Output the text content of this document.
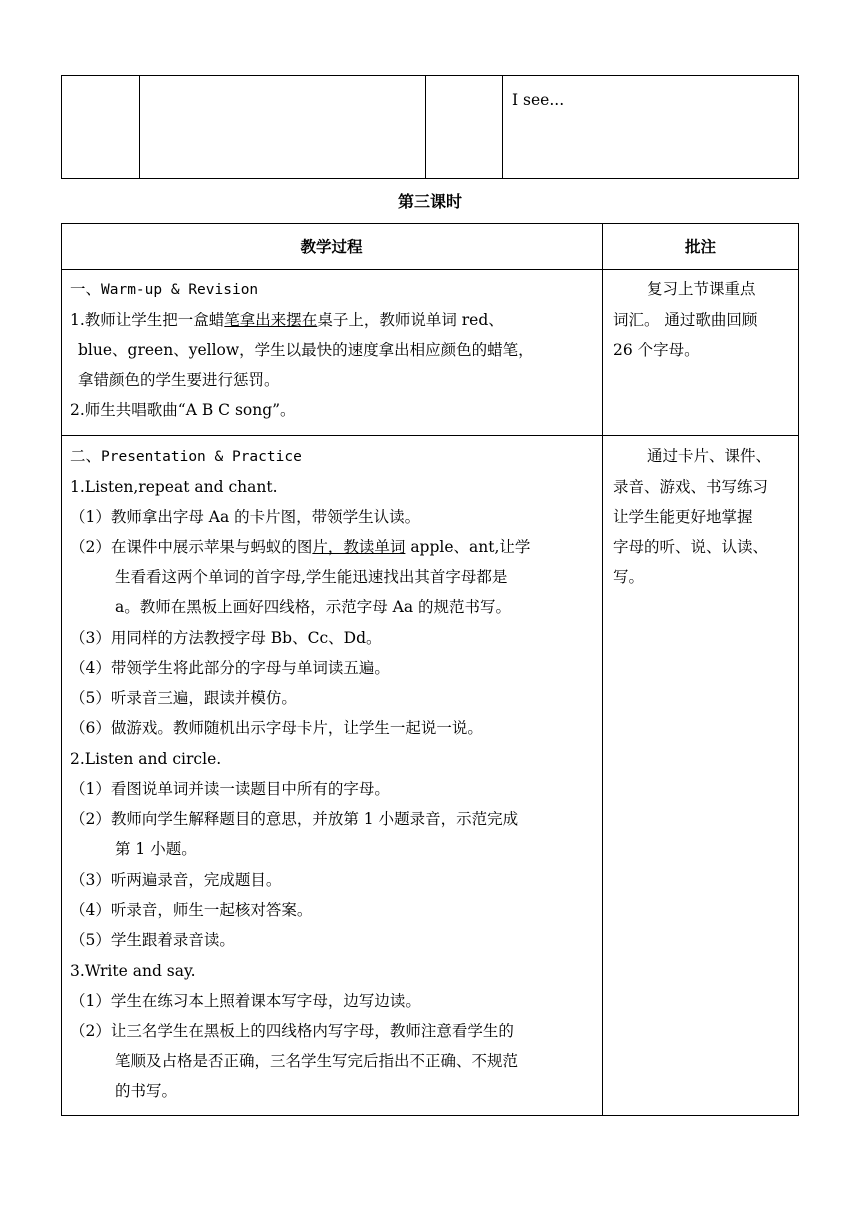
I see...
第三课时
教学过程	批注
一、Warm-up & Revision
1.教师让学生把一盒蜡笔拿出来摆在桌子上，教师说单词 red、
blue、green、yellow，学生以最快的速度拿出相应颜色的蜡笔，
拿错颜色的学生要进行惩罚。
2.师生共唱歌曲“A B C song”。
复习上节课重点
词汇。 通过歌曲回顾
26 个字母。
二、Presentation & Practice
1.Listen,repeat and chant.
（1）教师拿出字母 Aa 的卡片图，带领学生认读。
（2）在课件中展示苹果与蚂蚁的图片，教读单词 apple、ant,让学
生看看这两个单词的首字母,学生能迅速找出其首字母都是
a。教师在黑板上画好四线格，示范字母 Aa 的规范书写。
（3）用同样的方法教授字母 Bb、Cc、Dd。
（4）带领学生将此部分的字母与单词读五遍。
（5）听录音三遍，跟读并模仿。
（6）做游戏。教师随机出示字母卡片，让学生一起说一说。
2.Listen and circle.
（1）看图说单词并读一读题目中所有的字母。
（2）教师向学生解释题目的意思，并放第 1 小题录音，示范完成
第 1 小题。
（3）听两遍录音，完成题目。
（4）听录音，师生一起核对答案。
（5）学生跟着录音读。
3.Write and say.
（1）学生在练习本上照着课本写字母，边写边读。
（2）让三名学生在黑板上的四线格内写字母，教师注意看学生的
笔顺及占格是否正确，三名学生写完后指出不正确、不规范
的书写。
通过卡片、课件、
录音、游戏、书写练习
让学生能更好地掌握
字母的听、说、认读、
写。
